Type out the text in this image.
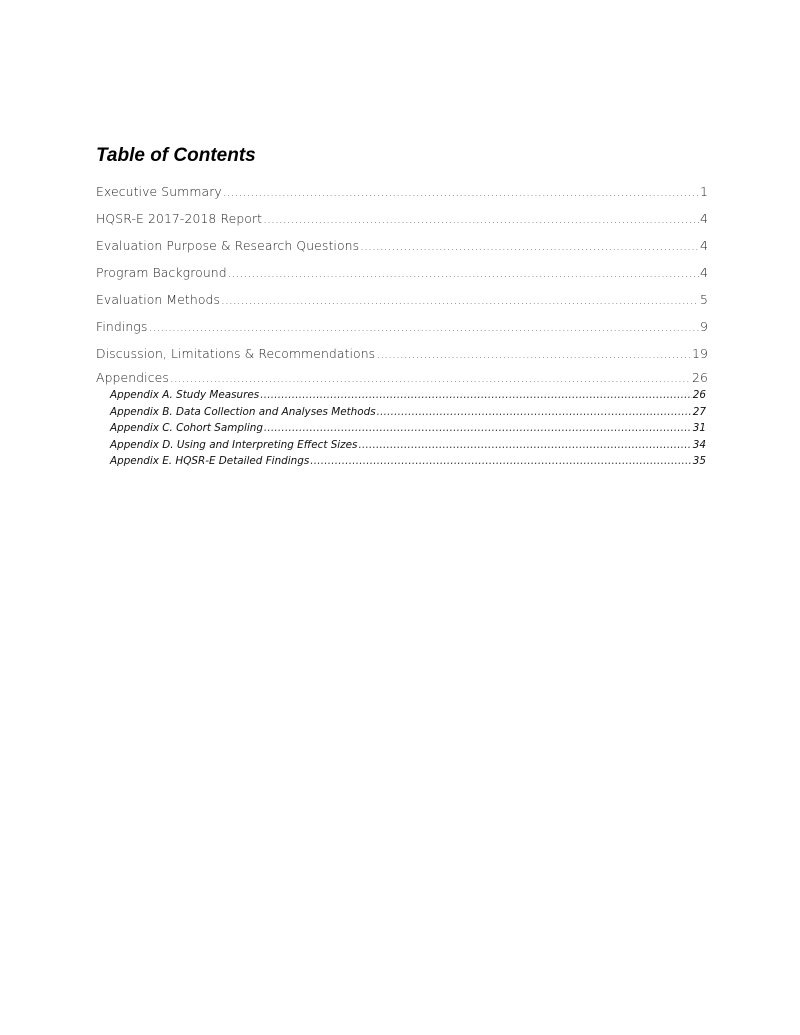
Table of Contents
Executive Summary .....	1
HQSR-E 2017-2018 Report .....	4
Evaluation Purpose & Research Questions .....	4
Program Background .....	4
Evaluation Methods .....	5
Findings .....	9
Discussion, Limitations & Recommendations .....	19
Appendices .....	26
Appendix A. Study Measures .....	26
Appendix B. Data Collection and Analyses Methods .....	27
Appendix C. Cohort Sampling .....	31
Appendix D. Using and Interpreting Effect Sizes .....	34
Appendix E. HQSR-E Detailed Findings .....	35
